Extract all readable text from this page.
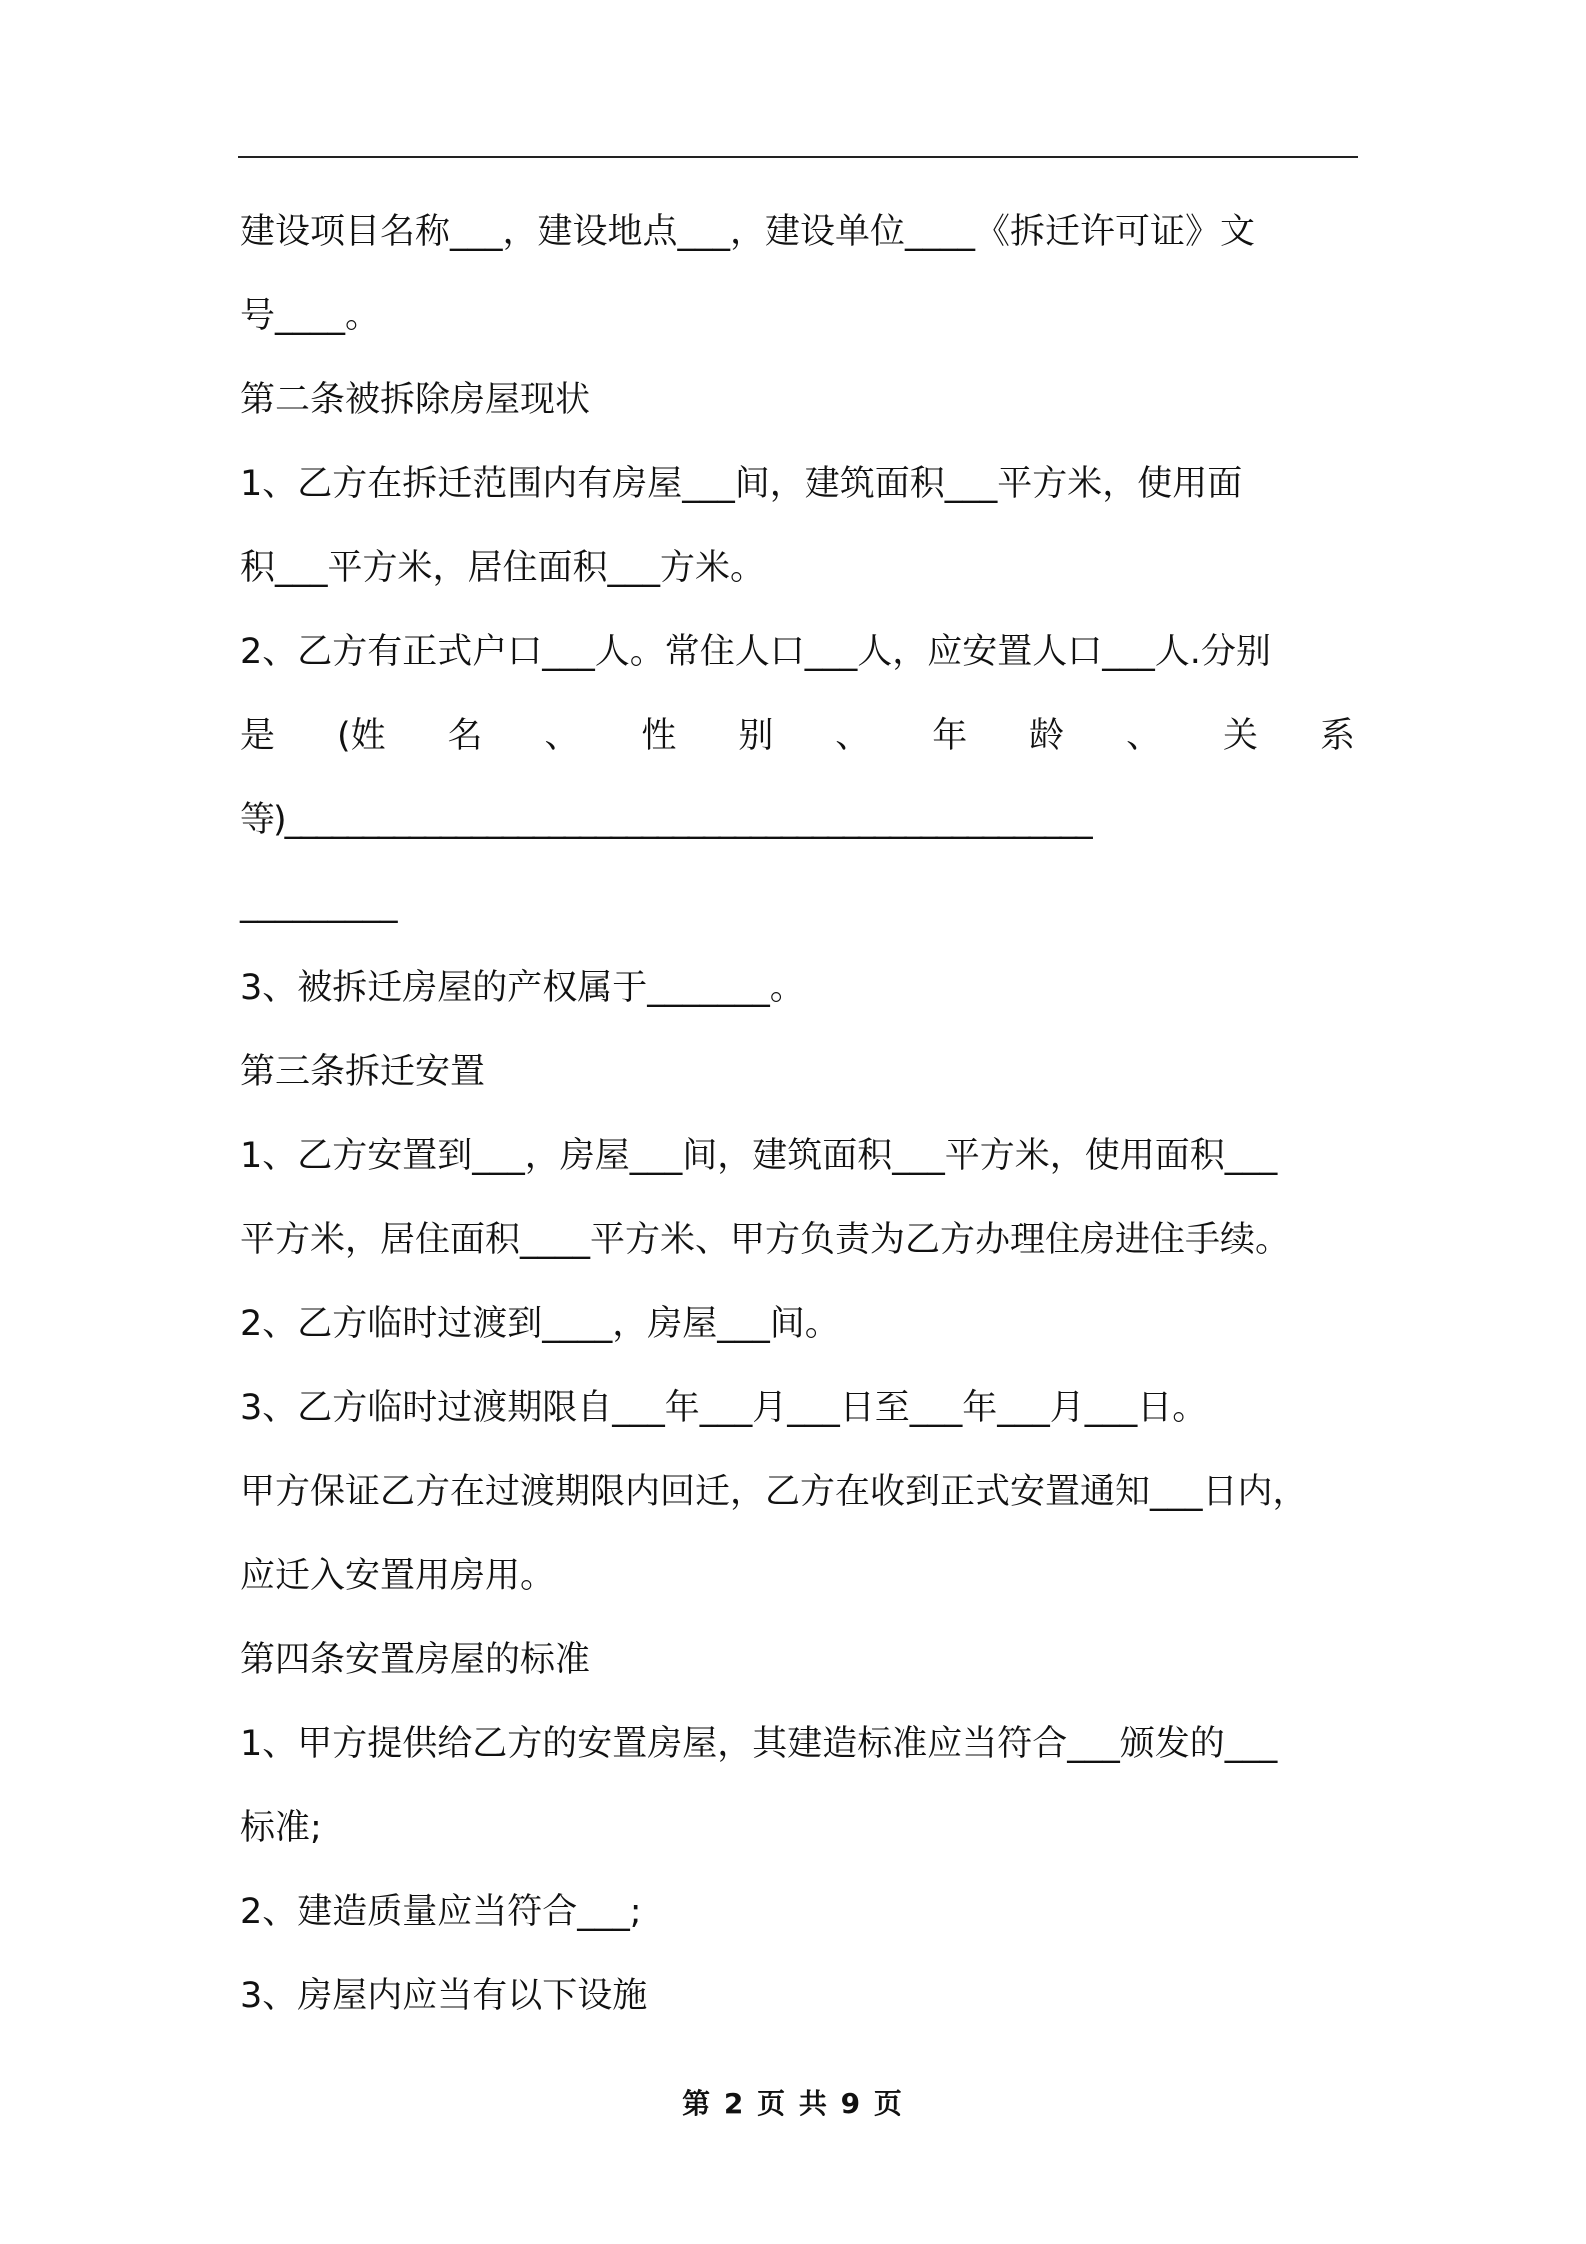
建设项目名称___，建设地点___，建设单位____《拆迁许可证》文
号____。
第二条被拆除房屋现状
1、乙方在拆迁范围内有房屋___间，建筑面积___平方米，使用面
积___平方米，居住面积___方米。
2、乙方有正式户口___人。常住人口___人，应安置人口___人.分别
是 (姓 名 、 性 别 、 年 龄 、 关 系
等)____________________________________________________
_________
3、被拆迁房屋的产权属于_______。
第三条拆迁安置
1、乙方安置到___，房屋___间，建筑面积___平方米，使用面积___
平方米，居住面积____平方米、甲方负责为乙方办理住房进住手续。
2、乙方临时过渡到____，房屋___间。
3、乙方临时过渡期限自___年___月___日至___年___月___日。
甲方保证乙方在过渡期限内回迁，乙方在收到正式安置通知___日内，
应迁入安置用房用。
第四条安置房屋的标准
1、甲方提供给乙方的安置房屋，其建造标准应当符合___颁发的___
标准;
2、建造质量应当符合___;
3、房屋内应当有以下设施
第 2 页 共 9 页
